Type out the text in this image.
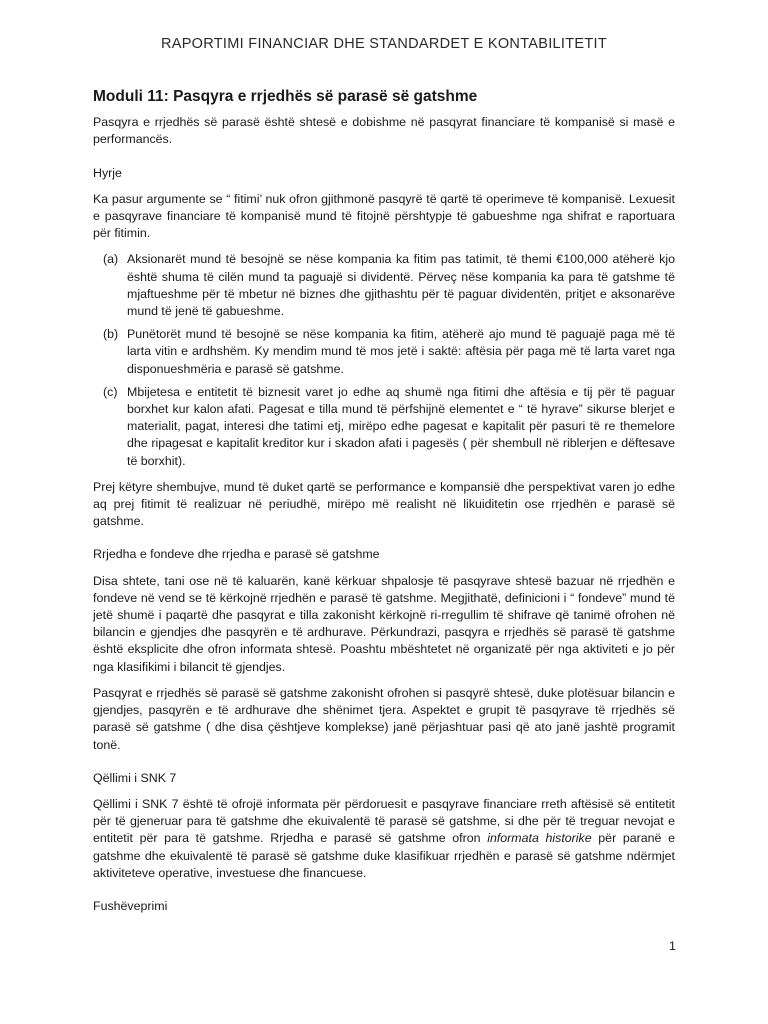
RAPORTIMI FINANCIAR DHE STANDARDET E KONTABILITETIT
Moduli 11: Pasqyra e rrjedhës së parasë së gatshme

Pasqyra e rrjedhës së parasë është shtesë e dobishme në pasqyrat financiare të kompanisë si masë e performancës.

Hyrje

Ka pasur argumente se “ fitimi’ nuk ofron gjithmonë pasqyrë të qartë të operimeve të kompanisë. Lexuesit e pasqyrave financiare të kompanisë mund të fitojnë përshtypje të gabueshme nga shifrat e raportuara për fitimin.

(a) Aksionarët mund të besojnë se nëse kompania ka fitim pas tatimit, të themi €100,000 atëherë kjo është shuma të cilën mund ta paguajë si dividentë. Përveç nëse kompania ka para të gatshme të mjaftueshme për të mbetur në biznes dhe gjithashtu për të paguar dividentën, pritjet e aksonarëve mund të jenë të gabueshme.
(b) Punëtorët mund të besojnë se nëse kompania ka fitim, atëherë ajo mund të paguajë paga më të larta vitin e ardhshëm. Ky mendim mund të mos jetë i saktë: aftësia për paga më të larta varet nga disponueshmëria e parasë së gatshme.
(c) Mbijetesa e entitetit të biznesit varet jo edhe aq shumë nga fitimi dhe aftësia e tij për të paguar borxhet kur kalon afati. Pagesat e tilla mund të përfshijnë elementet e “ të hyrave” sikurse blerjet e materialit, pagat, interesi dhe tatimi etj, mirëpo edhe pagesat e kapitalit për pasuri të re themelore dhe ripagesat e kapitalit kreditor kur i skadon afati i pagesës ( për shembull në riblerjen e dëftesave të borxhit).

Prej këtyre shembujve, mund të duket qartë se performance e kompansië dhe perspektivat varen jo edhe aq prej fitimit të realizuar në periudhë, mirëpo më realisht në likuiditetin ose rrjedhën e parasë së gatshme.

Rrjedha e fondeve dhe rrjedha e parasë së gatshme

Disa shtete, tani ose në të kaluarën, kanë kërkuar shpalosje të pasqyrave shtesë bazuar në rrjedhën e fondeve në vend se të kërkojnë rrjedhën e parasë të gatshme. Megjithatë, definicioni i “ fondeve” mund të jetë shumë i paqartë dhe pasqyrat e tilla zakonisht kërkojnë ri-rregullim të shifrave që tanimë ofrohen në bilancin e gjendjes dhe pasqyrën e të ardhurave. Përkundrazi, pasqyra e rrjedhës së parasë të gatshme është eksplicite dhe ofron informata shtesë. Poashtu mbështetet në organizatë për nga aktiviteti e jo për nga klasifikimi i bilancit të gjendjes.

Pasqyrat e rrjedhës së parasë së gatshme zakonisht ofrohen si pasqyrë shtesë, duke plotësuar bilancin e gjendjes, pasqyrën e të ardhurave dhe shënimet tjera. Aspektet e grupit të pasqyrave të rrjedhës së parasë së gatshme ( dhe disa çështjeve komplekse) janë përjashtuar pasi që ato janë jashtë programit tonë.

Qëllimi i SNK 7

Qëllimi i SNK 7 është të ofrojë informata për përdoruesit e pasqyrave financiare rreth aftësisë së entitetit për të gjeneruar para të gatshme dhe ekuivalentë të parasë së gatshme, si dhe për të treguar nevojat e entitetit për para të gatshme. Rrjedha e parasë së gatshme ofron informata historike për paranë e gatshme dhe ekuivalentë të parasë së gatshme duke klasifikuar rrjedhën e parasë së gatshme ndërmjet aktiviteteve operative, investuese dhe financuese.

Fushëveprimi
1
